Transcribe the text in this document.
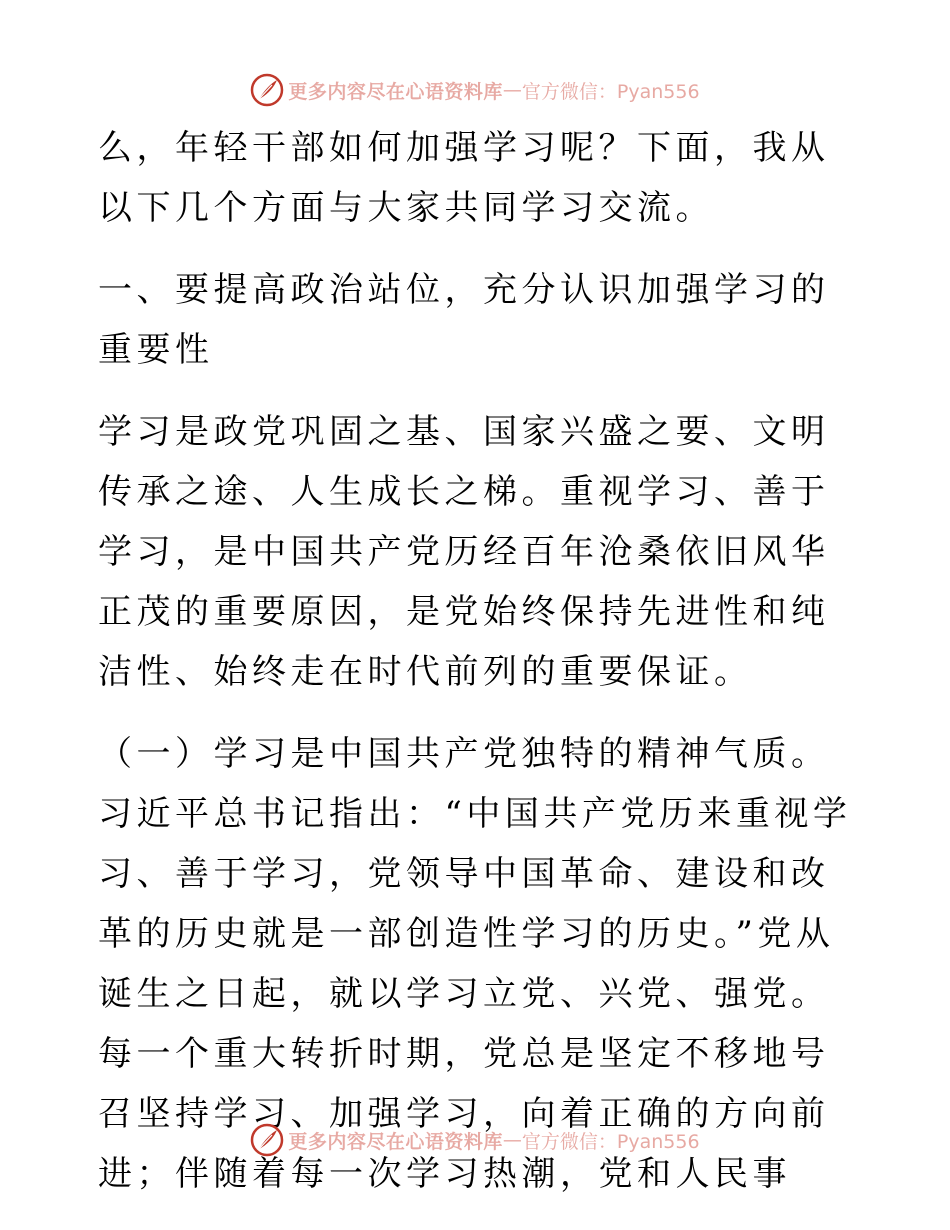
更多内容尽在心语资料库 — 官方微信：Pyan556

么，年轻干部如何加强学习呢？下面，我从以下几个方面与大家共同学习交流。

一、要提高政治站位，充分认识加强学习的重要性

学习是政党巩固之基、国家兴盛之要、文明传承之途、人生成长之梯。重视学习、善于学习，是中国共产党历经百年沧桑依旧风华正茂的重要原因，是党始终保持先进性和纯洁性、始终走在时代前列的重要保证。

（一）学习是中国共产党独特的精神气质。习近平总书记指出：“中国共产党历来重视学习、善于学习，党领导中国革命、建设和改革的历史就是一部创造性学习的历史。”党从诞生之日起，就以学习立党、兴党、强党。每一个重大转折时期，党总是坚定不移地号召坚持学习、加强学习，向着正确的方向前进；伴随着每一次学习热潮，党和人民事

更多内容尽在心语资料库 — 官方微信：Pyan556
